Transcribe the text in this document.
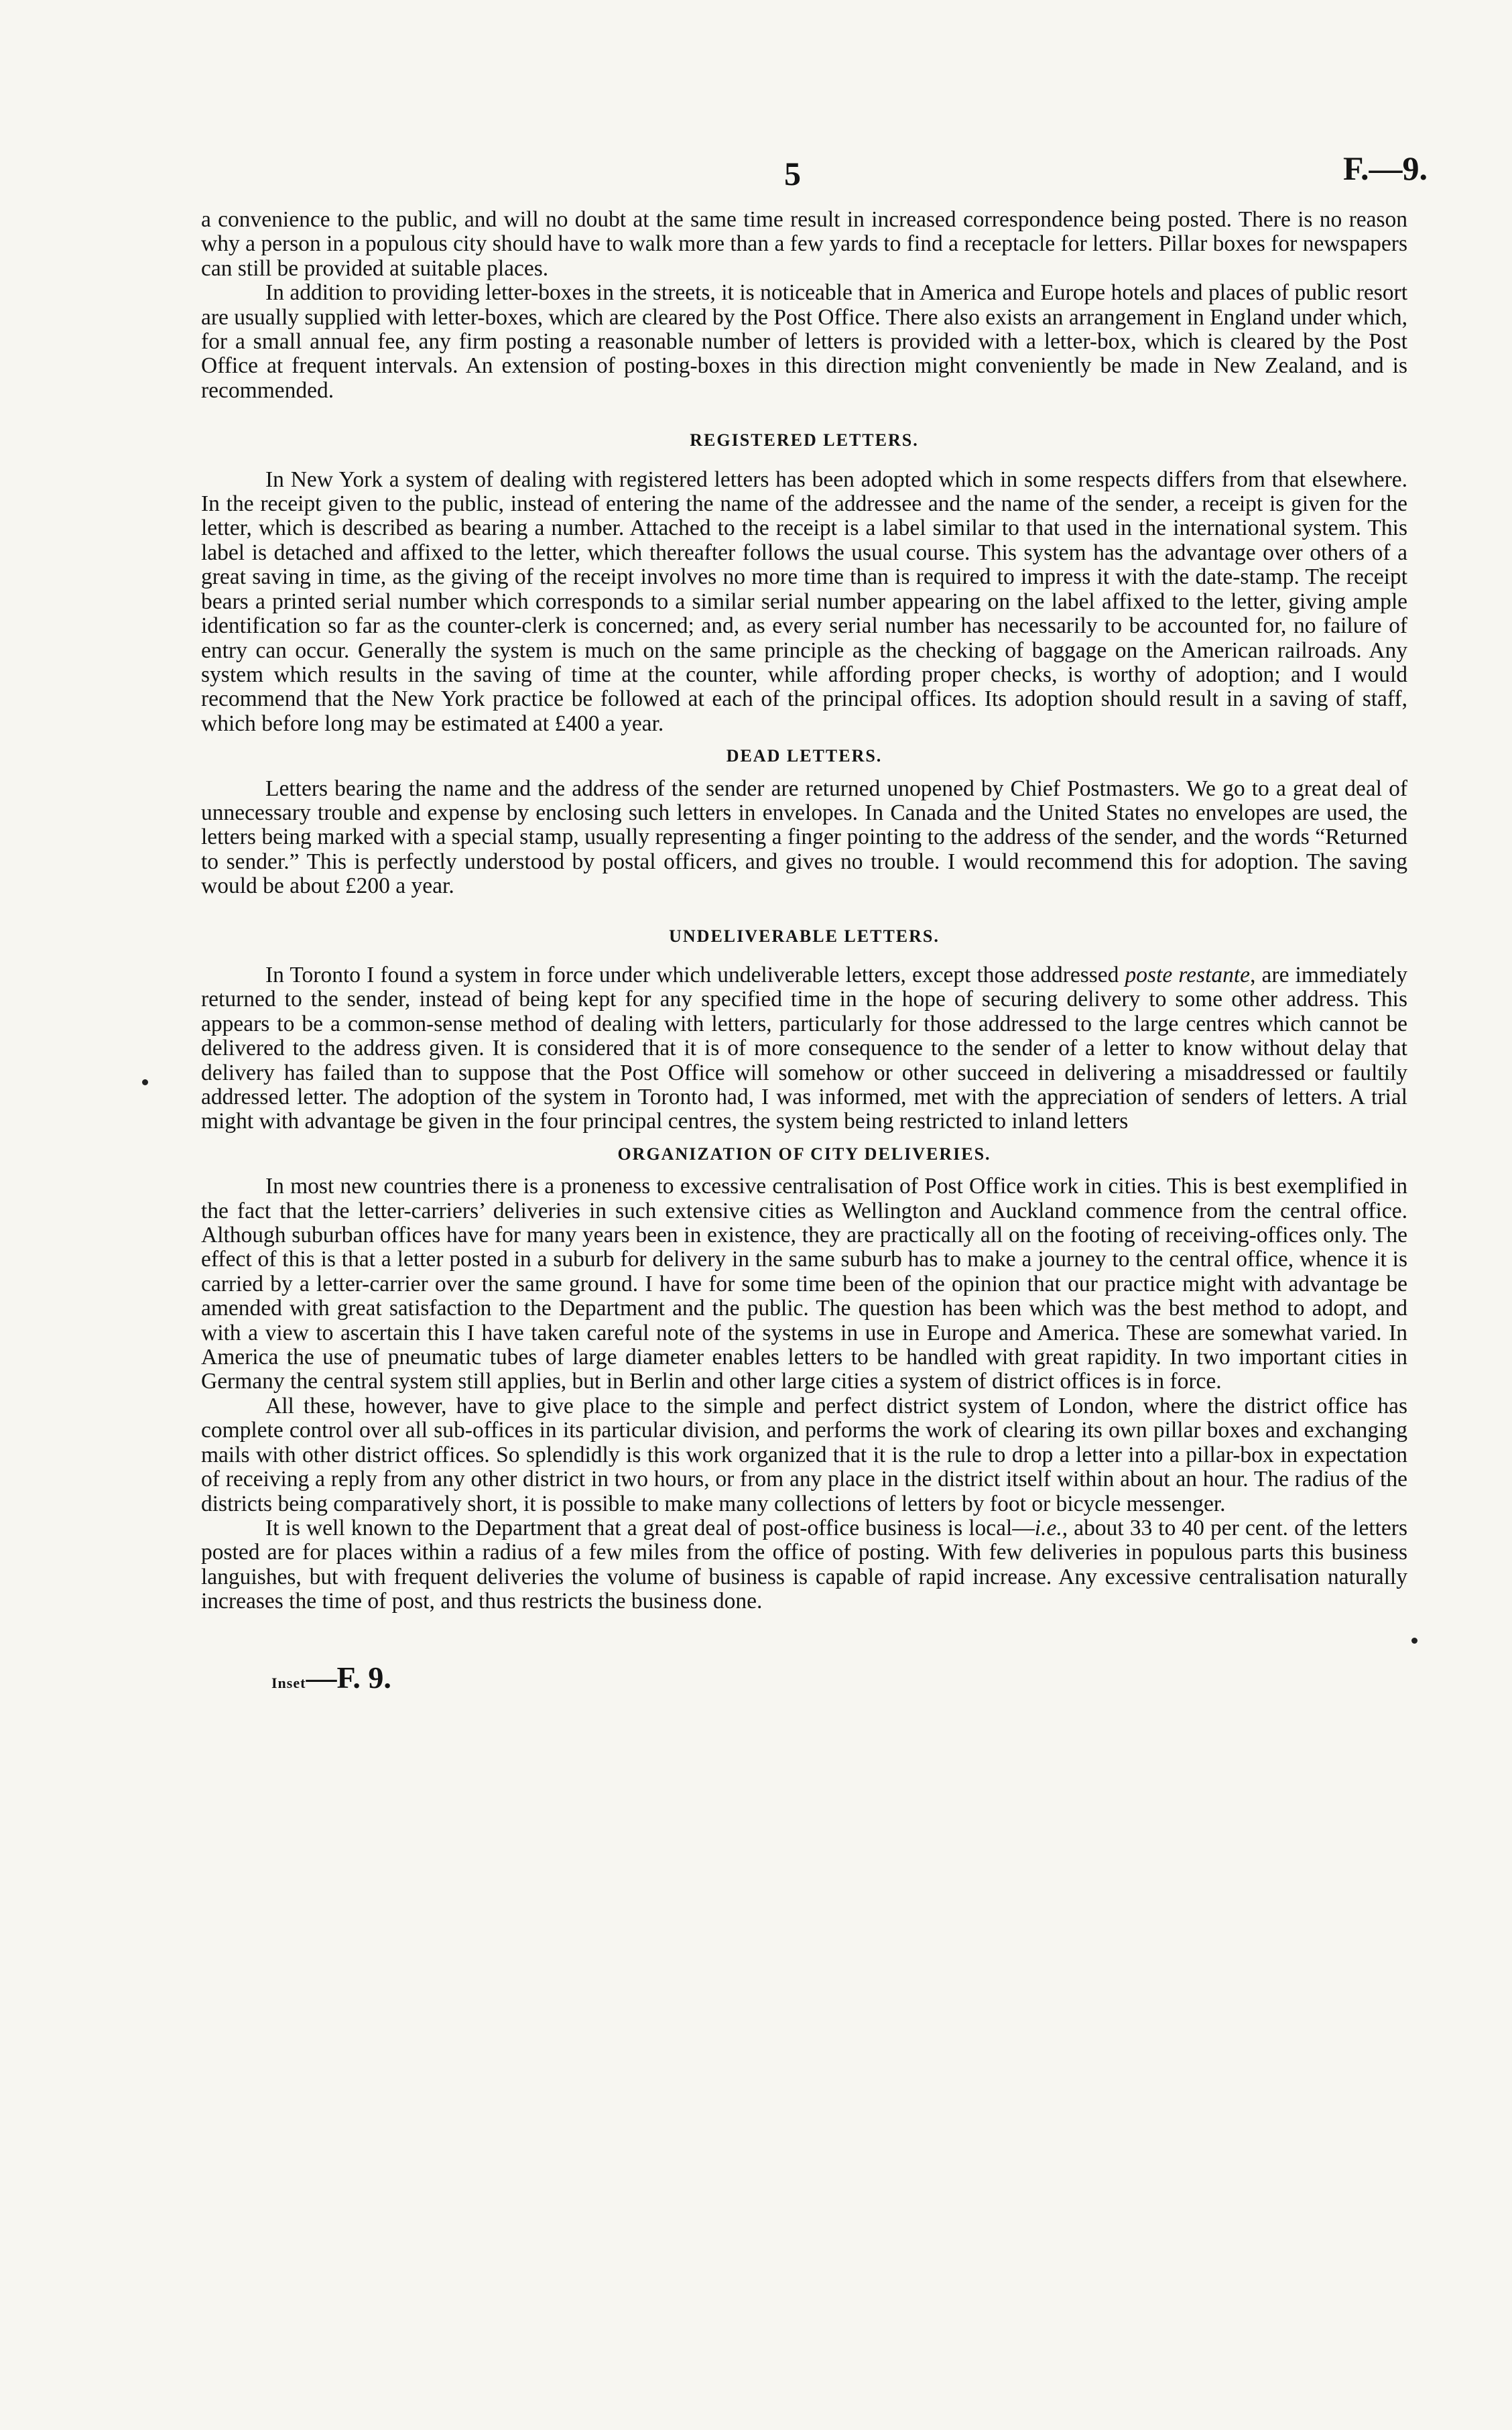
5	F.—9.

a convenience to the public, and will no doubt at the same time result in increased correspondence being posted. There is no reason why a person in a populous city should have to walk more than a few yards to find a receptacle for letters. Pillar boxes for newspapers can still be provided at suitable places.

In addition to providing letter-boxes in the streets, it is noticeable that in America and Europe hotels and places of public resort are usually supplied with letter-boxes, which are cleared by the Post Office. There also exists an arrangement in England under which, for a small annual fee, any firm posting a reasonable number of letters is provided with a letter-box, which is cleared by the Post Office at frequent intervals. An extension of posting-boxes in this direction might conveniently be made in New Zealand, and is recommended.

REGISTERED LETTERS.

In New York a system of dealing with registered letters has been adopted which in some respects differs from that elsewhere. In the receipt given to the public, instead of entering the name of the addressee and the name of the sender, a receipt is given for the letter, which is described as bearing a number. Attached to the receipt is a label similar to that used in the international system. This label is detached and affixed to the letter, which thereafter follows the usual course. This system has the advantage over others of a great saving in time, as the giving of the receipt involves no more time than is required to impress it with the date-stamp. The receipt bears a printed serial number which corresponds to a similar serial number appearing on the label affixed to the letter, giving ample identification so far as the counter-clerk is concerned; and, as every serial number has necessarily to be accounted for, no failure of entry can occur. Generally the system is much on the same principle as the checking of baggage on the American railroads. Any system which results in the saving of time at the counter, while affording proper checks, is worthy of adoption; and I would recommend that the New York practice be followed at each of the principal offices. Its adoption should result in a saving of staff, which before long may be estimated at £400 a year.

DEAD LETTERS.

Letters bearing the name and the address of the sender are returned unopened by Chief Postmasters. We go to a great deal of unnecessary trouble and expense by enclosing such letters in envelopes. In Canada and the United States no envelopes are used, the letters being marked with a special stamp, usually representing a finger pointing to the address of the sender, and the words “Returned to sender.” This is perfectly understood by postal officers, and gives no trouble. I would recommend this for adoption. The saving would be about £200 a year.

UNDELIVERABLE LETTERS.

In Toronto I found a system in force under which undeliverable letters, except those addressed poste restante, are immediately returned to the sender, instead of being kept for any specified time in the hope of securing delivery to some other address. This appears to be a common-sense method of dealing with letters, particularly for those addressed to the large centres which cannot be delivered to the address given. It is considered that it is of more consequence to the sender of a letter to know without delay that delivery has failed than to suppose that the Post Office will somehow or other succeed in delivering a misaddressed or faultily addressed letter. The adoption of the system in Toronto had, I was informed, met with the appreciation of senders of letters. A trial might with advantage be given in the four principal centres, the system being restricted to inland letters

ORGANIZATION OF CITY DELIVERIES.

In most new countries there is a proneness to excessive centralisation of Post Office work in cities. This is best exemplified in the fact that the letter-carriers’ deliveries in such extensive cities as Wellington and Auckland commence from the central office. Although suburban offices have for many years been in existence, they are practically all on the footing of receiving-offices only. The effect of this is that a letter posted in a suburb for delivery in the same suburb has to make a journey to the central office, whence it is carried by a letter-carrier over the same ground. I have for some time been of the opinion that our practice might with advantage be amended with great satisfaction to the Department and the public. The question has been which was the best method to adopt, and with a view to ascertain this I have taken careful note of the systems in use in Europe and America. These are somewhat varied. In America the use of pneumatic tubes of large diameter enables letters to be handled with great rapidity. In two important cities in Germany the central system still applies, but in Berlin and other large cities a system of district offices is in force.

All these, however, have to give place to the simple and perfect district system of London, where the district office has complete control over all sub-offices in its particular division, and performs the work of clearing its own pillar boxes and exchanging mails with other district offices. So splendidly is this work organized that it is the rule to drop a letter into a pillar-box in expectation of receiving a reply from any other district in two hours, or from any place in the district itself within about an hour. The radius of the districts being comparatively short, it is possible to make many collections of letters by foot or bicycle messenger.

It is well known to the Department that a great deal of post-office business is local—i.e., about 33 to 40 per cent. of the letters posted are for places within a radius of a few miles from the office of posting. With few deliveries in populous parts this business languishes, but with frequent deliveries the volume of business is capable of rapid increase. Any excessive centralisation naturally increases the time of post, and thus restricts the business done.

Inset—F. 9.
